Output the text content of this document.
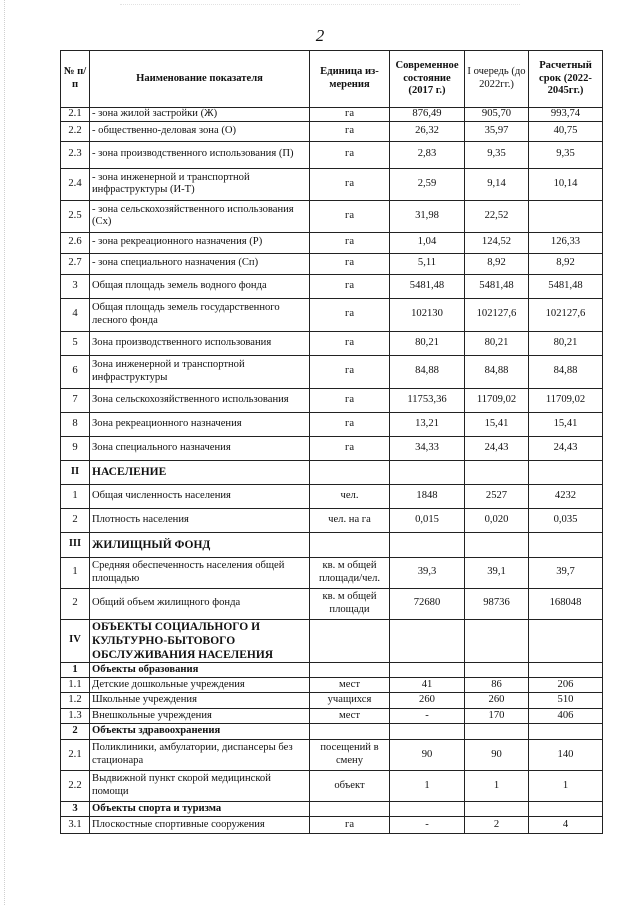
2
№ п/п	Наименование показателя	Единица из-мерения	Современное состояние (2017 г.)	I очередь (до 2022гг.)	Расчетный срок (2022-2045гг.)
2.1	- зона жилой застройки (Ж)	га	876,49	905,70	993,74
2.2	- общественно-деловая зона (О)	га	26,32	35,97	40,75
2.3	- зона производственного использования (П)	га	2,83	9,35	9,35
2.4	- зона инженерной и транспортной инфраструктуры (И-Т)	га	2,59	9,14	10,14
2.5	- зона сельскохозяйственного использования (Сх)	га	31,98	22,52	
2.6	- зона рекреационного назначения (Р)	га	1,04	124,52	126,33
2.7	- зона специального назначения (Сп)	га	5,11	8,92	8,92
3	Общая площадь земель водного фонда	га	5481,48	5481,48	5481,48
4	Общая площадь земель государственного лесного фонда	га	102130	102127,6	102127,6
5	Зона производственного использования	га	80,21	80,21	80,21
6	Зона инженерной и транспортной инфраструктуры	га	84,88	84,88	84,88
7	Зона сельскохозяйственного использования	га	11753,36	11709,02	11709,02
8	Зона рекреационного назначения	га	13,21	15,41	15,41
9	Зона специального назначения	га	34,33	24,43	24,43
II	НАСЕЛЕНИЕ				
1	Общая численность населения	чел.	1848	2527	4232
2	Плотность населения	чел. на га	0,015	0,020	0,035
III	ЖИЛИЩНЫЙ ФОНД				
1	Средняя обеспеченность населения общей площадью	кв. м общей площади/чел.	39,3	39,1	39,7
2	Общий объем жилищного фонда	кв. м общей площади	72680	98736	168048
IV	ОБЪЕКТЫ СОЦИАЛЬНОГО И КУЛЬТУРНО-БЫТОВОГО ОБСЛУЖИВАНИЯ НАСЕЛЕНИЯ				
1	Объекты образования				
1.1	Детские дошкольные учреждения	мест	41	86	206
1.2	Школьные учреждения	учащихся	260	260	510
1.3	Внешкольные учреждения	мест	-	170	406
2	Объекты здравоохранения				
2.1	Поликлиники, амбулатории, диспансеры без стационара	посещений в смену	90	90	140
2.2	Выдвижной пункт скорой медицинской помощи	объект	1	1	1
3	Объекты спорта и туризма				
3.1	Плоскостные спортивные сооружения	га	-	2	4
